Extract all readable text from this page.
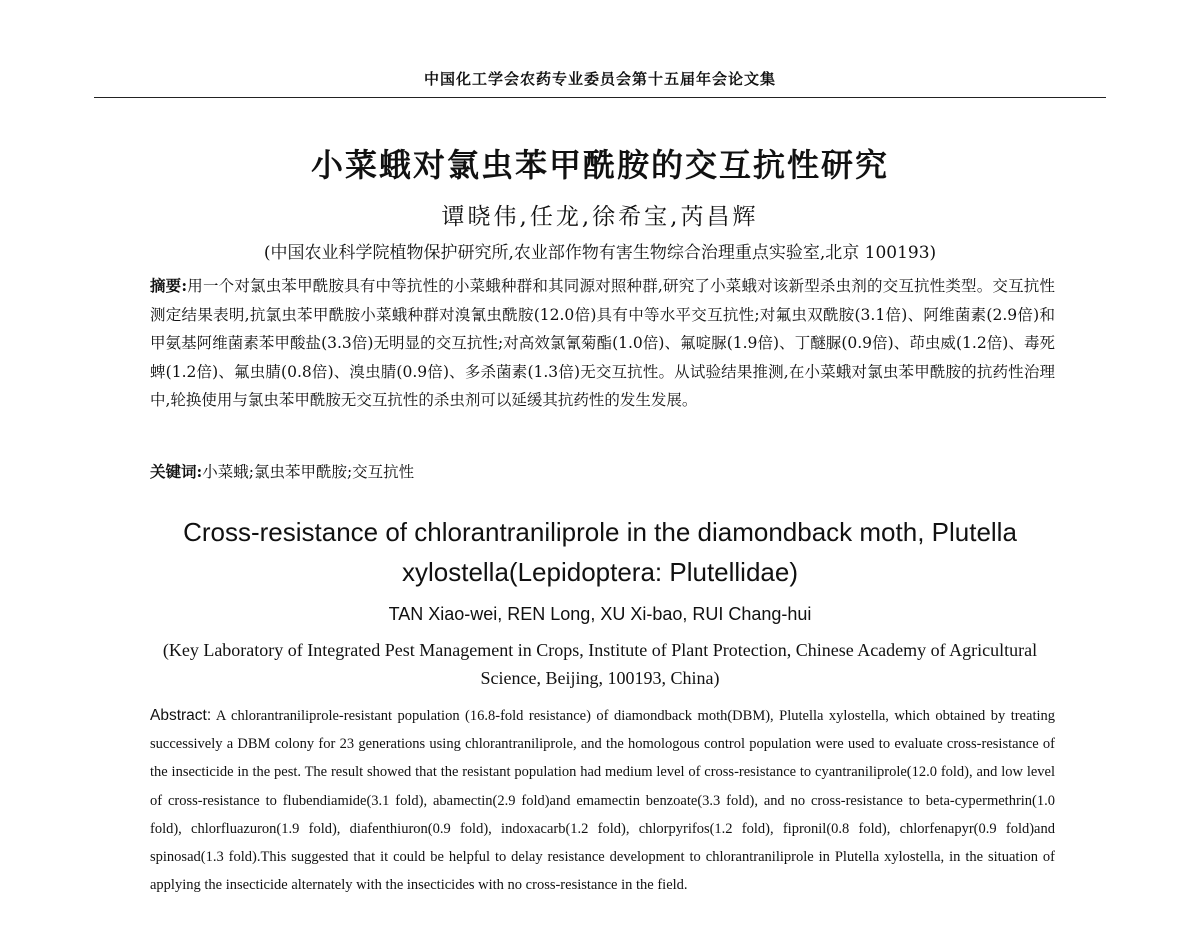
中国化工学会农药专业委员会第十五届年会论文集
小菜蛾对氯虫苯甲酰胺的交互抗性研究
谭晓伟,任龙,徐希宝,芮昌辉
(中国农业科学院植物保护研究所,农业部作物有害生物综合治理重点实验室,北京 100193)
摘要:用一个对氯虫苯甲酰胺具有中等抗性的小菜蛾种群和其同源对照种群,研究了小菜蛾对该新型杀虫剂的交互抗性类型。交互抗性测定结果表明,抗氯虫苯甲酰胺小菜蛾种群对溴氰虫酰胺(12.0倍)具有中等水平交互抗性;对氟虫双酰胺(3.1倍)、阿维菌素(2.9倍)和甲氨基阿维菌素苯甲酸盐(3.3倍)无明显的交互抗性;对高效氯氰菊酯(1.0倍)、氟啶脲(1.9倍)、丁醚脲(0.9倍)、茚虫威(1.2倍)、毒死蜱(1.2倍)、氟虫腈(0.8倍)、溴虫腈(0.9倍)、多杀菌素(1.3倍)无交互抗性。从试验结果推测,在小菜蛾对氯虫苯甲酰胺的抗药性治理中,轮换使用与氯虫苯甲酰胺无交互抗性的杀虫剂可以延缓其抗药性的发生发展。
关键词:小菜蛾;氯虫苯甲酰胺;交互抗性
Cross-resistance of chlorantraniliprole in the diamondback moth, Plutella xylostella(Lepidoptera: Plutellidae)
TAN Xiao-wei, REN Long, XU Xi-bao, RUI Chang-hui
(Key Laboratory of Integrated Pest Management in Crops, Institute of Plant Protection, Chinese Academy of Agricultural Science, Beijing, 100193, China)
Abstract: A chlorantraniliprole-resistant population (16.8-fold resistance) of diamondback moth(DBM), Plutella xylostella, which obtained by treating successively a DBM colony for 23 generations using chlorantraniliprole, and the homologous control population were used to evaluate cross-resistance of the insecticide in the pest. The result showed that the resistant population had medium level of cross-resistance to cyantraniliprole(12.0 fold), and low level of cross-resistance to flubendiamide(3.1 fold), abamectin(2.9 fold)and emamectin benzoate(3.3 fold), and no cross-resistance to beta-cypermethrin(1.0 fold), chlorfluazuron(1.9 fold), diafenthiuron(0.9 fold), indoxacarb(1.2 fold), chlorpyrifos(1.2 fold), fipronil(0.8 fold), chlorfenapyr(0.9 fold)and spinosad(1.3 fold).This suggested that it could be helpful to delay resistance development to chlorantraniliprole in Plutella xylostella, in the situation of applying the insecticide alternately with the insecticides with no cross-resistance in the field.
